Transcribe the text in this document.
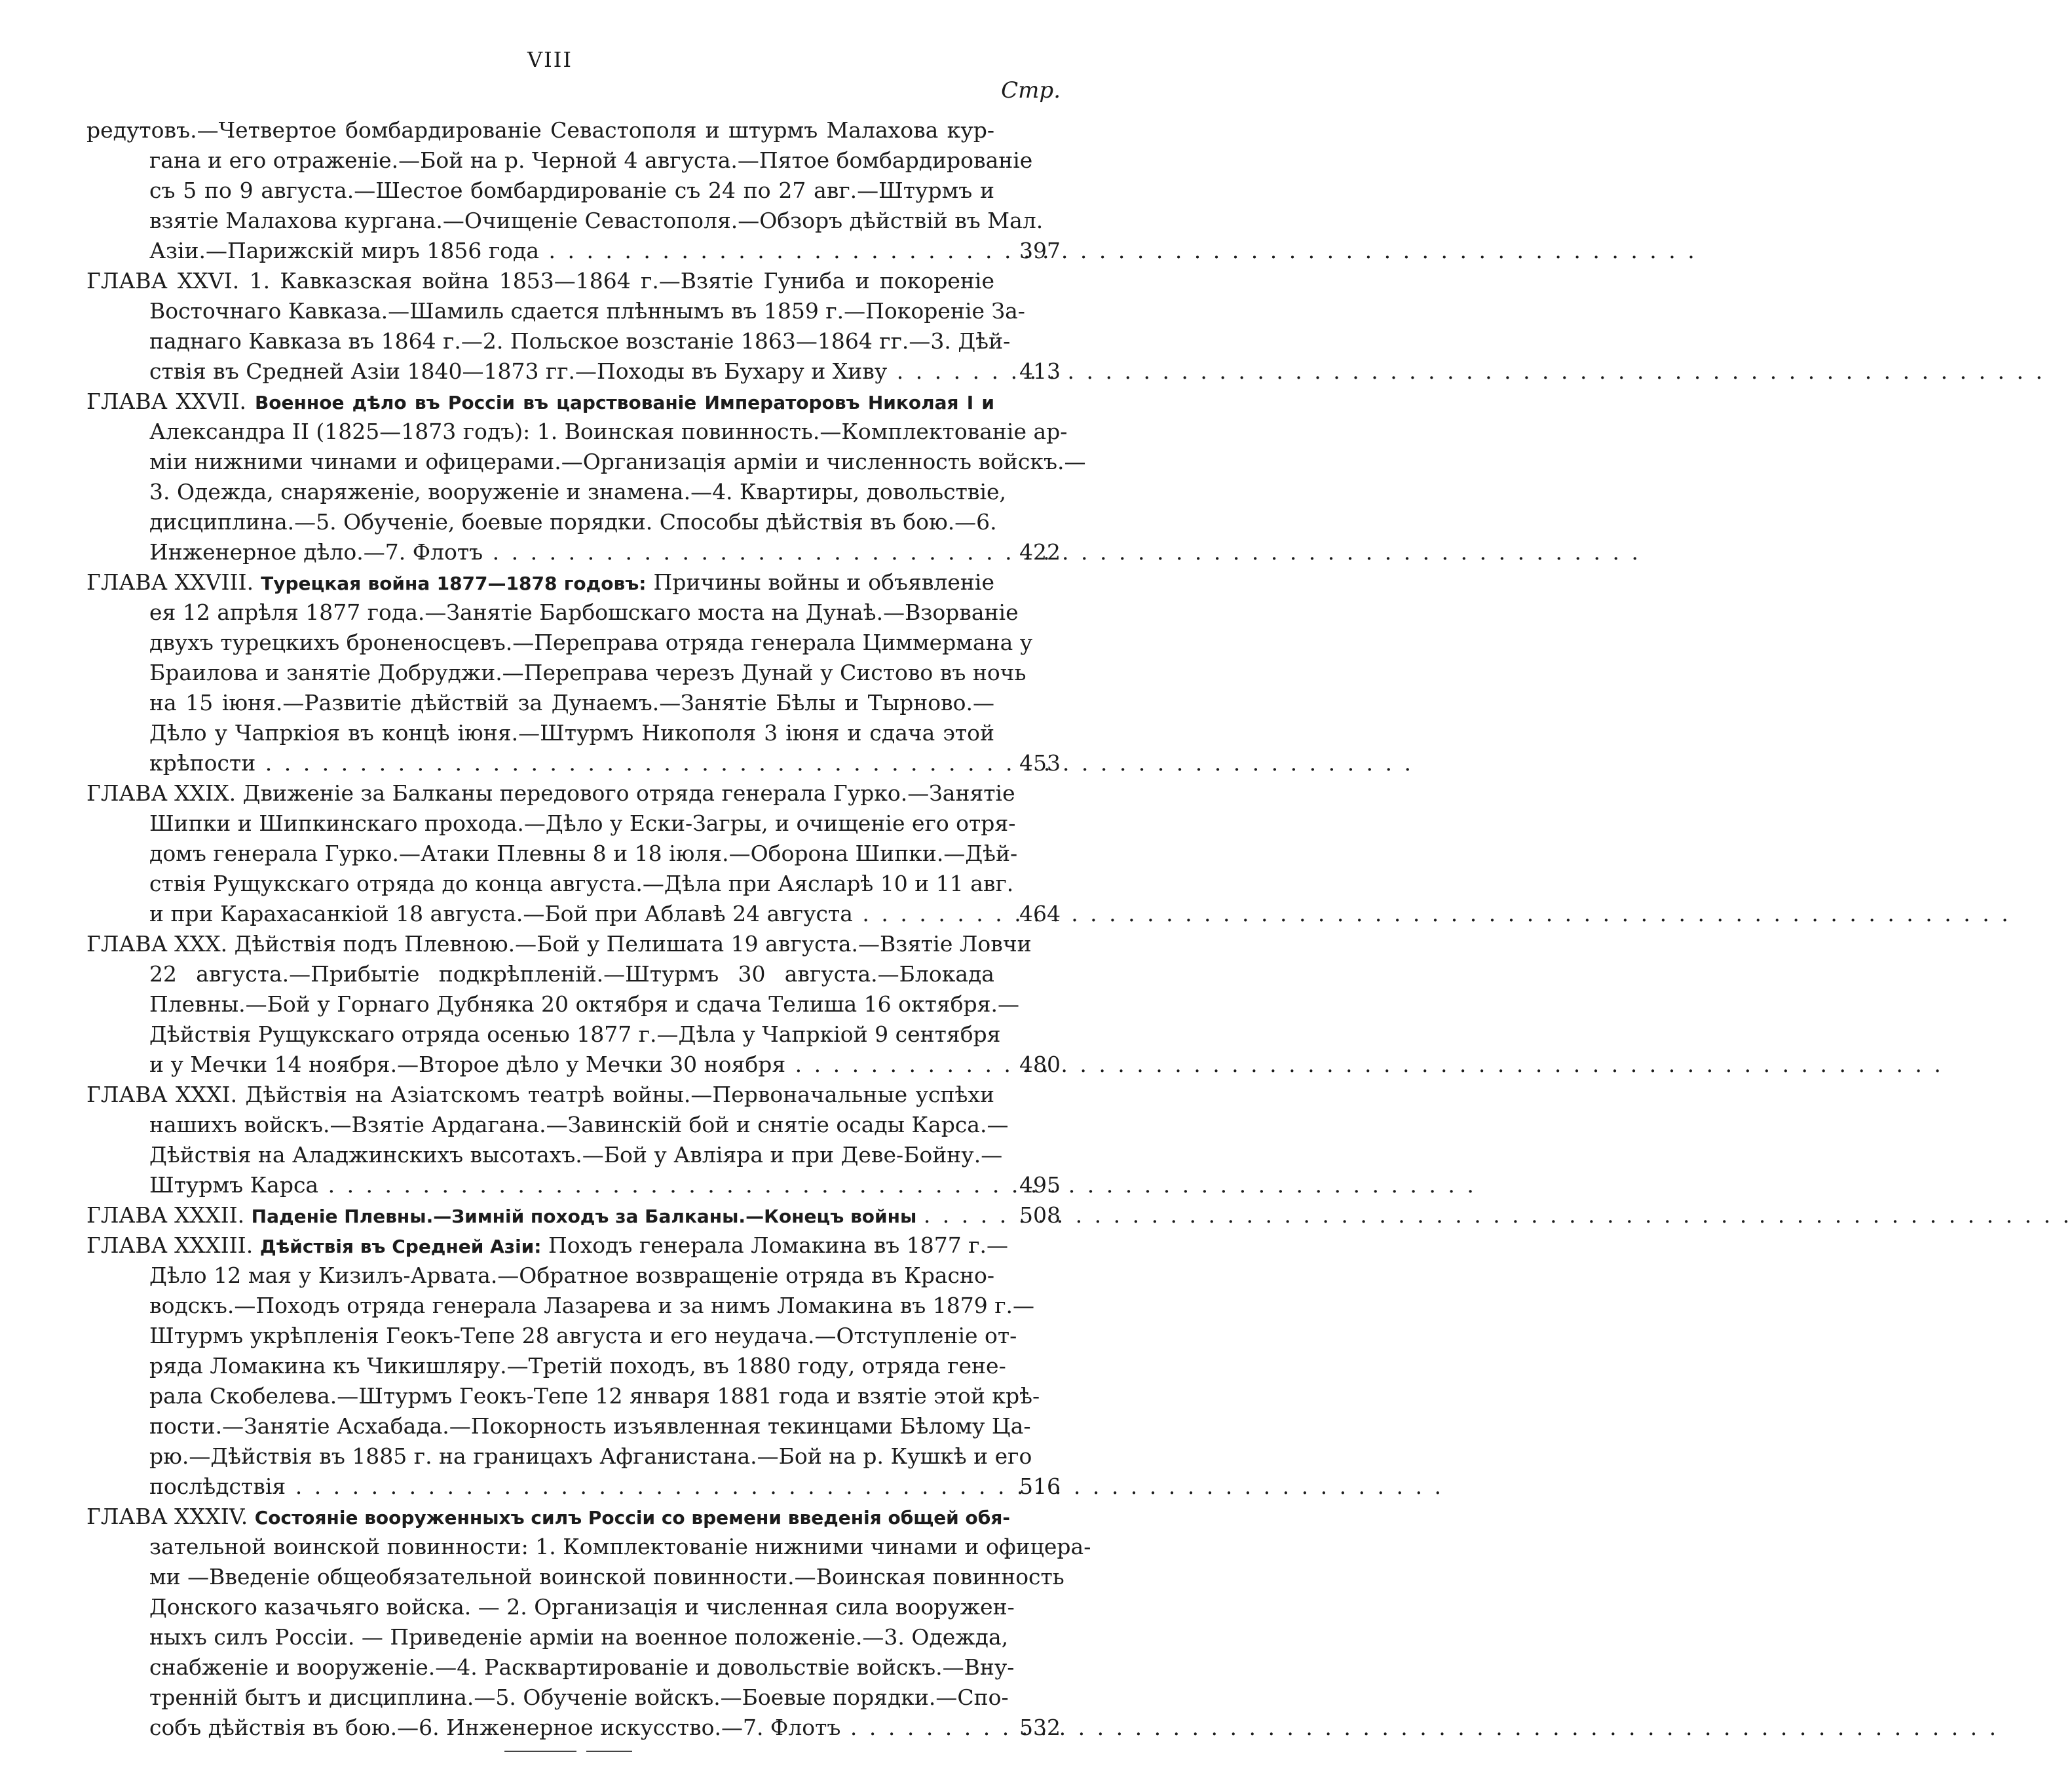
VIII
Стр.
редутовъ.—Четвертое бомбардированіе Севастополя и штурмъ Малахова кур-
гана и его отраженіе.—Бой на р. Черной 4 августа.—Пятое бомбардированіе
съ 5 по 9 августа.—Шестое бомбардированіе съ 24 по 27 авг.—Штурмъ и
взятіе Малахова кургана.—Очищеніе Севастополя.—Обзоръ дѣйствій въ Мал.
Азіи.—Парижскій миръ 1856 года . . .	397
ГЛАВА XXVI. 1. Кавказская война 1853—1864 г.—Взятіе Гуниба и покореніе
Восточнаго Кавказа.—Шамиль сдается плѣннымъ въ 1859 г.—Покореніе За-
паднаго Кавказа въ 1864 г.—2. Польское возстаніе 1863—1864 гг.—3. Дѣй-
ствія въ Средней Азіи 1840—1873 гг.—Походы въ Бухару и Хиву . . .	413
ГЛАВА XXVII. Военное дѣло въ Россіи въ царствованіе Императоровъ Николая I и
Александра II (1825—1873 годъ): 1. Воинская повинность.—Комплектованіе ар-
міи нижними чинами и офицерами.—Организація арміи и численность войскъ.—
3. Одежда, снаряженіе, вооруженіе и знамена.—4. Квартиры, довольствіе,
дисциплина.—5. Обученіе, боевые порядки. Способы дѣйствія въ бою.—6.
Инженерное дѣло.—7. Флотъ . . .	422
ГЛАВА XXVIII. Турецкая война 1877—1878 годовъ: Причины войны и объявленіе
ея 12 апрѣля 1877 года.—Занятіе Барбошскаго моста на Дунаѣ.—Взорваніе
двухъ турецкихъ броненосцевъ.—Переправа отряда генерала Циммермана у
Браилова и занятіе Добруджи.—Переправа черезъ Дунай у Систово въ ночь
на 15 іюня.—Развитіе дѣйствій за Дунаемъ.—Занятіе Бѣлы и Тырново.—
Дѣло у Чапркіоя въ концѣ іюня.—Штурмъ Никополя 3 іюня и сдача этой
крѣпости . . .	453
ГЛАВА XXIX. Движеніе за Балканы передового отряда генерала Гурко.—Занятіе
Шипки и Шипкинскаго прохода.—Дѣло у Ески-Загры, и очищеніе его отря-
домъ генерала Гурко.—Атаки Плевны 8 и 18 іюля.—Оборона Шипки.—Дѣй-
ствія Рущукскаго отряда до конца августа.—Дѣла при Аясларѣ 10 и 11 авг.
и при Карахасанкіой 18 августа.—Бой при Аблавѣ 24 августа . . .	464
ГЛАВА XXX. Дѣйствія подъ Плевною.—Бой у Пелишата 19 августа.—Взятіе Ловчи
22 августа.—Прибытіе подкрѣпленій.—Штурмъ 30 августа.—Блокада
Плевны.—Бой у Горнаго Дубняка 20 октября и сдача Телиша 16 октября.—
Дѣйствія Рущукскаго отряда осенью 1877 г.—Дѣла у Чапркіой 9 сентября
и у Мечки 14 ноября.—Второе дѣло у Мечки 30 ноября . . .	480
ГЛАВА XXXI. Дѣйствія на Азіатскомъ театрѣ войны.—Первоначальные успѣхи
нашихъ войскъ.—Взятіе Ардагана.—Завинскій бой и снятіе осады Карса.—
Дѣйствія на Аладжинскихъ высотахъ.—Бой у Авліяра и при Деве-Бойну.—
Штурмъ Карса . . .	495
ГЛАВА XXXII. Паденіе Плевны.—Зимній походъ за Балканы.—Конецъ войны . . .	508
ГЛАВА XXXIII. Дѣйствія въ Средней Азіи: Походъ генерала Ломакина въ 1877 г.—
Дѣло 12 мая у Кизилъ-Арвата.—Обратное возвращеніе отряда въ Красно-
водскъ.—Походъ отряда генерала Лазарева и за нимъ Ломакина въ 1879 г.—
Штурмъ укрѣпленія Геокъ-Тепе 28 августа и его неудача.—Отступленіе от-
ряда Ломакина къ Чикишляру.—Третій походъ, въ 1880 году, отряда гене-
рала Скобелева.—Штурмъ Геокъ-Тепе 12 января 1881 года и взятіе этой крѣ-
пости.—Занятіе Асхабада.—Покорность изъявленная текинцами Бѣлому Ца-
рю.—Дѣйствія въ 1885 г. на границахъ Афганистана.—Бой на р. Кушкѣ и его
послѣдствія . . .	516
ГЛАВА XXXIV. Состояніе вооруженныхъ силъ Россіи со времени введенія общей обя-
зательной воинской повинности: 1. Комплектованіе нижними чинами и офицера-
ми —Введеніе общеобязательной воинской повинности.—Воинская повинность
Донского казачьяго войска. — 2. Организація и численная сила вооружен-
ныхъ силъ Россіи. — Приведеніе арміи на военное положеніе.—3. Одежда,
снабженіе и вооруженіе.—4. Расквартированіе и довольствіе войскъ.—Вну-
тренній бытъ и дисциплина.—5. Обученіе войскъ.—Боевые порядки.—Спо-
собъ дѣйствія въ бою.—6. Инженерное искусство.—7. Флотъ . . .	532
